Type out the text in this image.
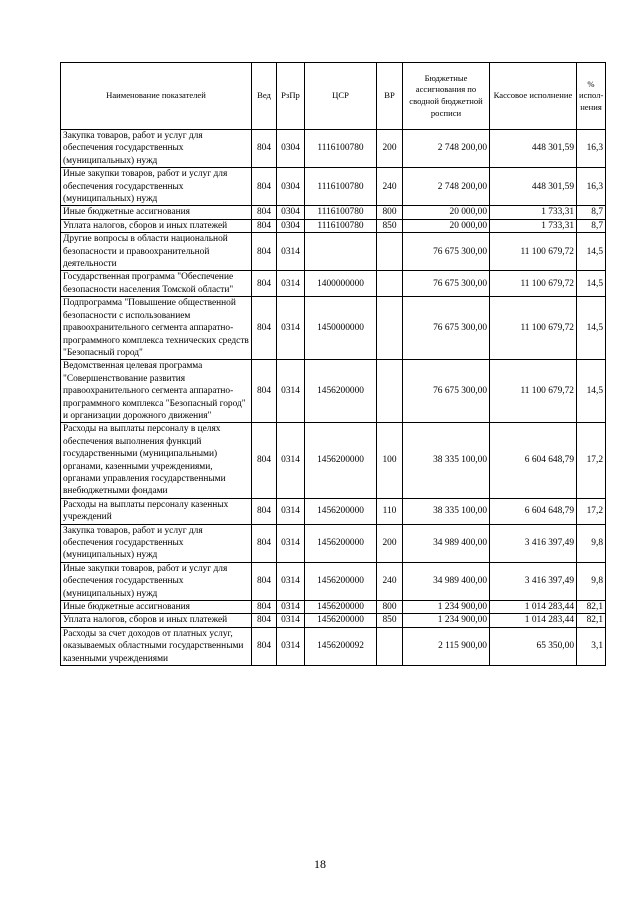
Наименование показателей	Вед	РзПр	ЦСР	ВР	Бюджетные ассигнования по сводной бюджетной росписи	Кассовое исполнение	% испол-нения
Закупка товаров, работ и услуг для обеспечения государственных (муниципальных) нужд	804	0304	1116100780	200	2 748 200,00	448 301,59	16,3
Иные закупки товаров, работ и услуг для обеспечения государственных (муниципальных) нужд	804	0304	1116100780	240	2 748 200,00	448 301,59	16,3
Иные бюджетные ассигнования	804	0304	1116100780	800	20 000,00	1 733,31	8,7
Уплата налогов, сборов и иных платежей	804	0304	1116100780	850	20 000,00	1 733,31	8,7
Другие вопросы в области национальной безопасности и правоохранительной деятельности	804	0314			76 675 300,00	11 100 679,72	14,5
Государственная программа "Обеспечение безопасности населения Томской области"	804	0314	1400000000		76 675 300,00	11 100 679,72	14,5
Подпрограмма "Повышение общественной безопасности с использованием правоохранительного сегмента аппаратно-программного комплекса технических средств "Безопасный город"	804	0314	1450000000		76 675 300,00	11 100 679,72	14,5
Ведомственная целевая программа "Совершенствование развития правоохранительного сегмента аппаратно-программного комплекса "Безопасный город" и организации дорожного движения"	804	0314	1456200000		76 675 300,00	11 100 679,72	14,5
Расходы на выплаты персоналу в целях обеспечения выполнения функций государственными (муниципальными) органами, казенными учреждениями, органами управления государственными внебюджетными фондами	804	0314	1456200000	100	38 335 100,00	6 604 648,79	17,2
Расходы на выплаты персоналу казенных учреждений	804	0314	1456200000	110	38 335 100,00	6 604 648,79	17,2
Закупка товаров, работ и услуг для обеспечения государственных (муниципальных) нужд	804	0314	1456200000	200	34 989 400,00	3 416 397,49	9,8
Иные закупки товаров, работ и услуг для обеспечения государственных (муниципальных) нужд	804	0314	1456200000	240	34 989 400,00	3 416 397,49	9,8
Иные бюджетные ассигнования	804	0314	1456200000	800	1 234 900,00	1 014 283,44	82,1
Уплата налогов, сборов и иных платежей	804	0314	1456200000	850	1 234 900,00	1 014 283,44	82,1
Расходы за счет доходов от платных услуг, оказываемых областными государственными казенными учреждениями	804	0314	1456200092		2 115 900,00	65 350,00	3,1
18
